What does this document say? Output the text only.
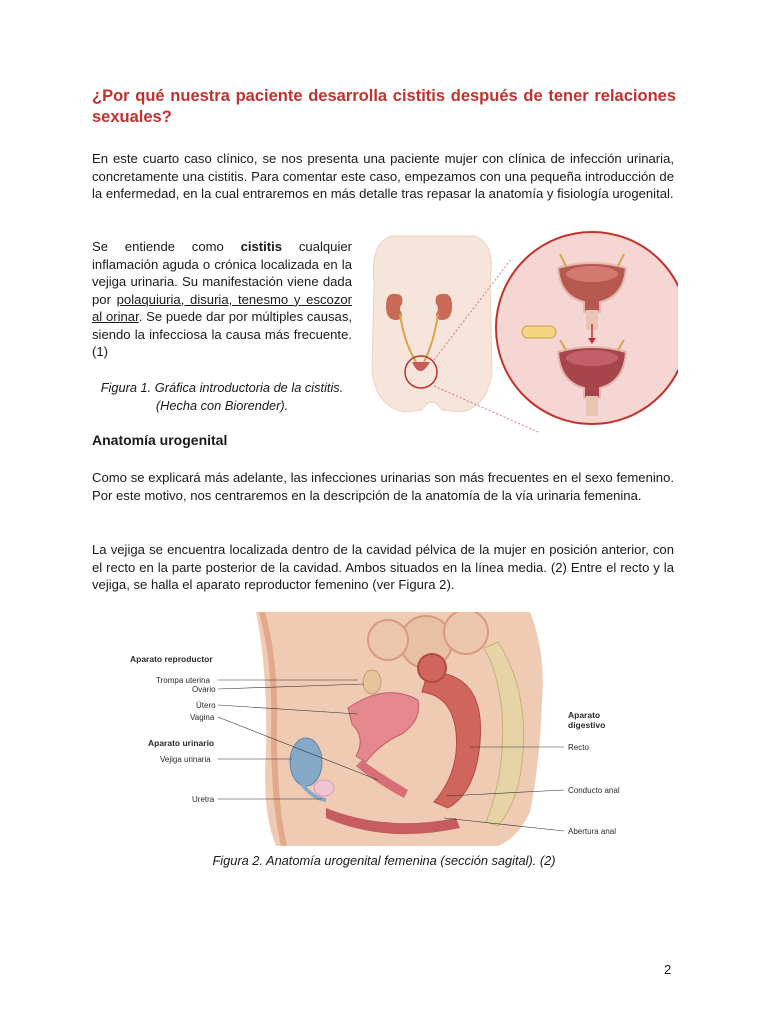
¿Por qué nuestra paciente desarrolla cistitis después de tener relaciones sexuales?
En este cuarto caso clínico, se nos presenta una paciente mujer con clínica de infección urinaria, concretamente una cistitis. Para comentar este caso, empezamos con una pequeña introducción de la enfermedad, en la cual entraremos en más detalle tras repasar la anatomía y fisiología urogenital.
Se entiende como cistitis cualquier inflamación aguda o crónica localizada en la vejiga urinaria. Su manifestación viene dada por polaquiuria, disuria, tenesmo y escozor al orinar. Se puede dar por múltiples causas, siendo la infecciosa la causa más frecuente. (1)
Figura 1. Gráfica introductoria de la cistitis. (Hecha con Biorender).
Anatomía urogenital
Como se explicará más adelante, las infecciones urinarias son más frecuentes en el sexo femenino. Por este motivo, nos centraremos en la descripción de la anatomía de la vía urinaria femenina.
La vejiga se encuentra localizada dentro de la cavidad pélvica de la mujer en posición anterior, con el recto en la parte posterior de la cavidad. Ambos situados en la línea media. (2) Entre el recto y la vejiga, se halla el aparato reproductor femenino (ver Figura 2).
Aparato reproductor
Trompa uterina
Ovario
Útero
Vagina
Aparato urinario
Vejiga urinaria
Uretra
Aparato
digestivo
Recto
Conducto anal
Abertura anal
Figura 2. Anatomía urogenital femenina (sección sagital). (2)
2
